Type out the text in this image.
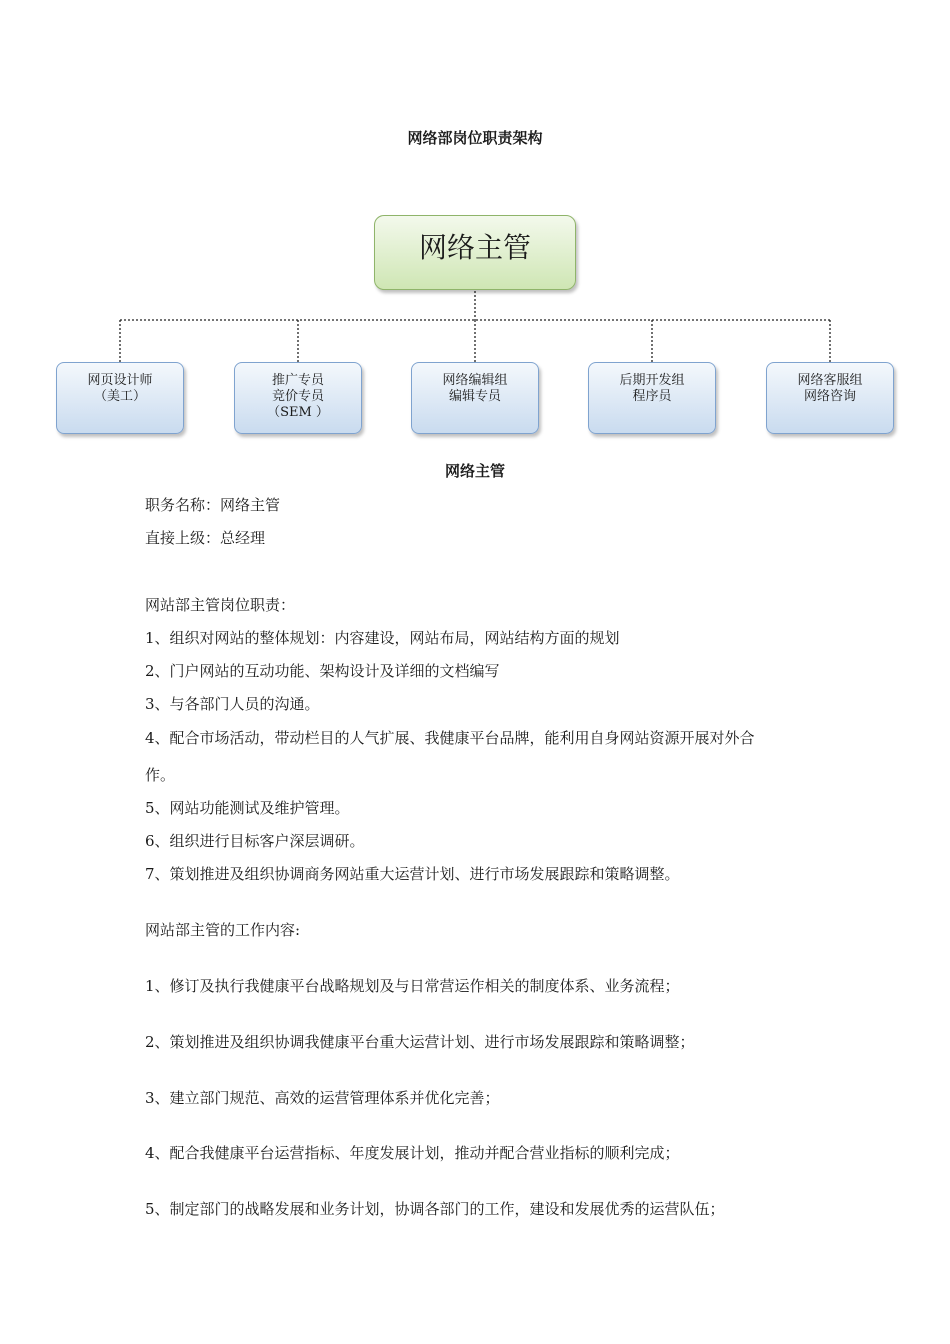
网络部岗位职责架构
网络主管
网页设计师
（美工）
推广专员
竞价专员
（SEM ）
网络编辑组
编辑专员
后期开发组
程序员
网络客服组
网络咨询
网络主管
职务名称：网络主管
直接上级：总经理
网站部主管岗位职责：
1、组织对网站的整体规划：内容建设，网站布局，网站结构方面的规划
2、门户网站的互动功能、架构设计及详细的文档编写
3、与各部门人员的沟通。
4、配合市场活动，带动栏目的人气扩展、我健康平台品牌，能利用自身网站资源开展对外合
作。
5、网站功能测试及维护管理。
6、组织进行目标客户深层调研。
7、策划推进及组织协调商务网站重大运营计划、进行市场发展跟踪和策略调整。
网站部主管的工作内容:
1、修订及执行我健康平台战略规划及与日常营运作相关的制度体系、业务流程；
2、策划推进及组织协调我健康平台重大运营计划、进行市场发展跟踪和策略调整；
3、建立部门规范、高效的运营管理体系并优化完善；
4、配合我健康平台运营指标、年度发展计划，推动并配合营业指标的顺利完成；
5、制定部门的战略发展和业务计划，协调各部门的工作，建设和发展优秀的运营队伍；
